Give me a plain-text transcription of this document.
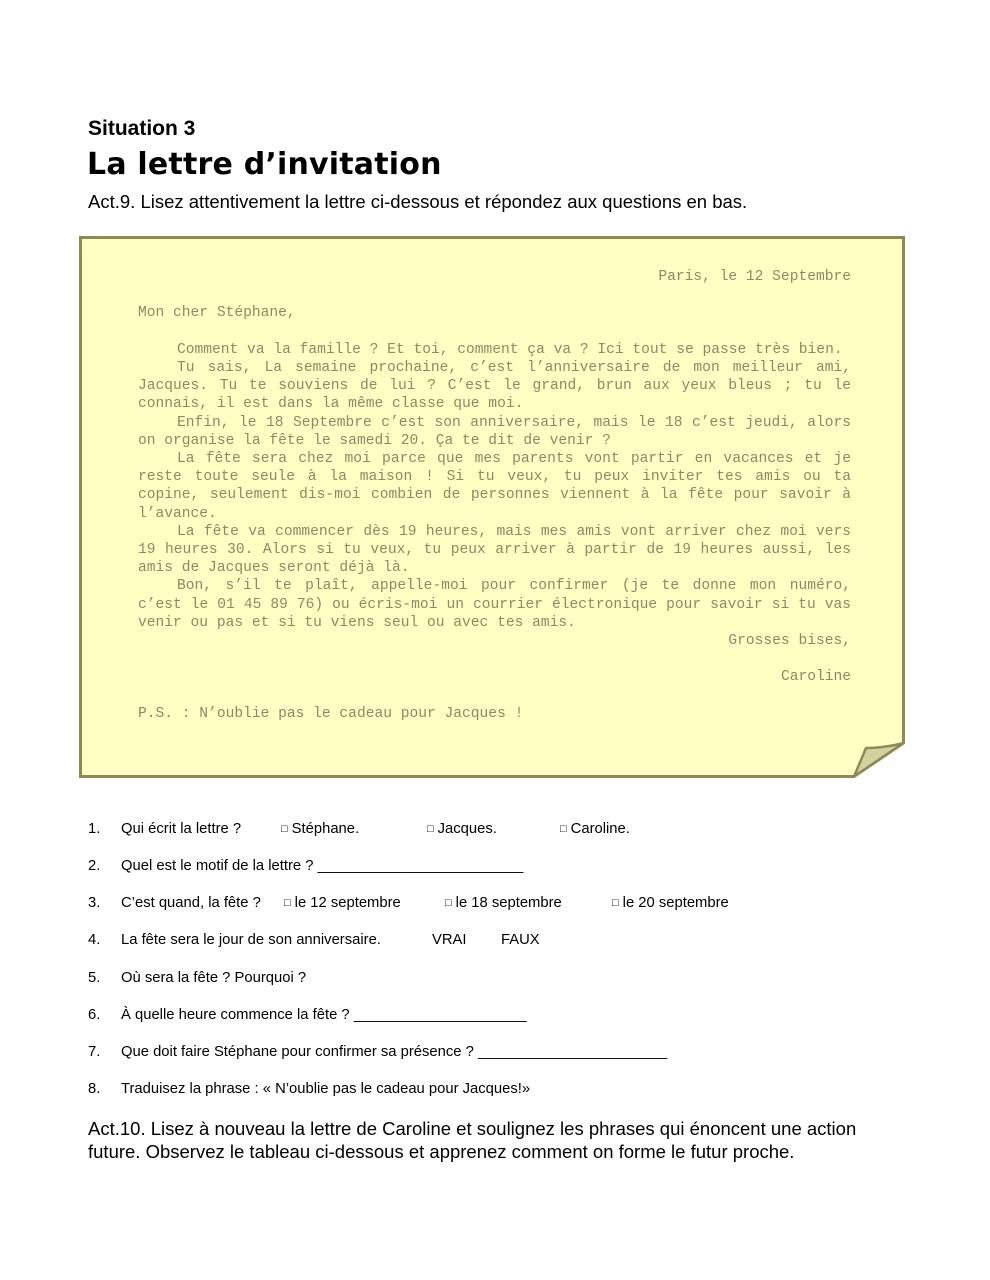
Situation 3
La lettre d’invitation
Act.9. Lisez attentivement la lettre ci-dessous et répondez aux questions en bas.

Paris, le 12 Septembre

Mon cher Stéphane,

Comment va la famille ? Et toi, comment ça va ? Ici tout se passe très bien.

Tu sais, La semaine prochaine, c’est l’anniversaire de mon meilleur ami, Jacques. Tu te souviens de lui ? C’est le grand, brun aux yeux bleus ; tu le connais, il est dans la même classe que moi.

Enfin, le 18 Septembre c’est son anniversaire, mais le 18 c’est jeudi, alors on organise la fête le samedi 20. Ça te dit de venir ?

La fête sera chez moi parce que mes parents vont partir en vacances et je reste toute seule à la maison ! Si tu veux, tu peux inviter tes amis ou ta copine, seulement dis-moi combien de personnes viennent à la fête pour savoir à l’avance.

La fête va commencer dès 19 heures, mais mes amis vont arriver chez moi vers 19 heures 30. Alors si tu veux, tu peux arriver à partir de 19 heures aussi, les amis de Jacques seront déjà là.

Bon, s’il te plaît, appelle-moi pour confirmer (je te donne mon numéro, c’est le 01 45 89 76) ou écris-moi un courrier électronique pour savoir si tu vas venir ou pas et si tu viens seul ou avec tes amis.

Grosses bises,

Caroline

P.S. : N’oublie pas le cadeau pour Jacques !

1. Qui écrit la lettre ?	□ Stéphane.	□ Jacques.	□ Caroline.
2. Quel est le motif de la lettre ? _________________________
3. C’est quand, la fête ? □ le 12 septembre	□ le 18 septembre	□ le 20 septembre
4. La fête sera le jour de son anniversaire.	VRAI FAUX
5. Où sera la fête ? Pourquoi ?
6. À quelle heure commence la fête ? _____________________
7. Que doit faire Stéphane pour confirmer sa présence ? _______________________
8. Traduisez la phrase : « N’oublie pas le cadeau pour Jacques!»
Act.10. Lisez à nouveau la lettre de Caroline et soulignez les phrases qui énoncent une action future. Observez le tableau ci-dessous et apprenez comment on forme le futur proche.
